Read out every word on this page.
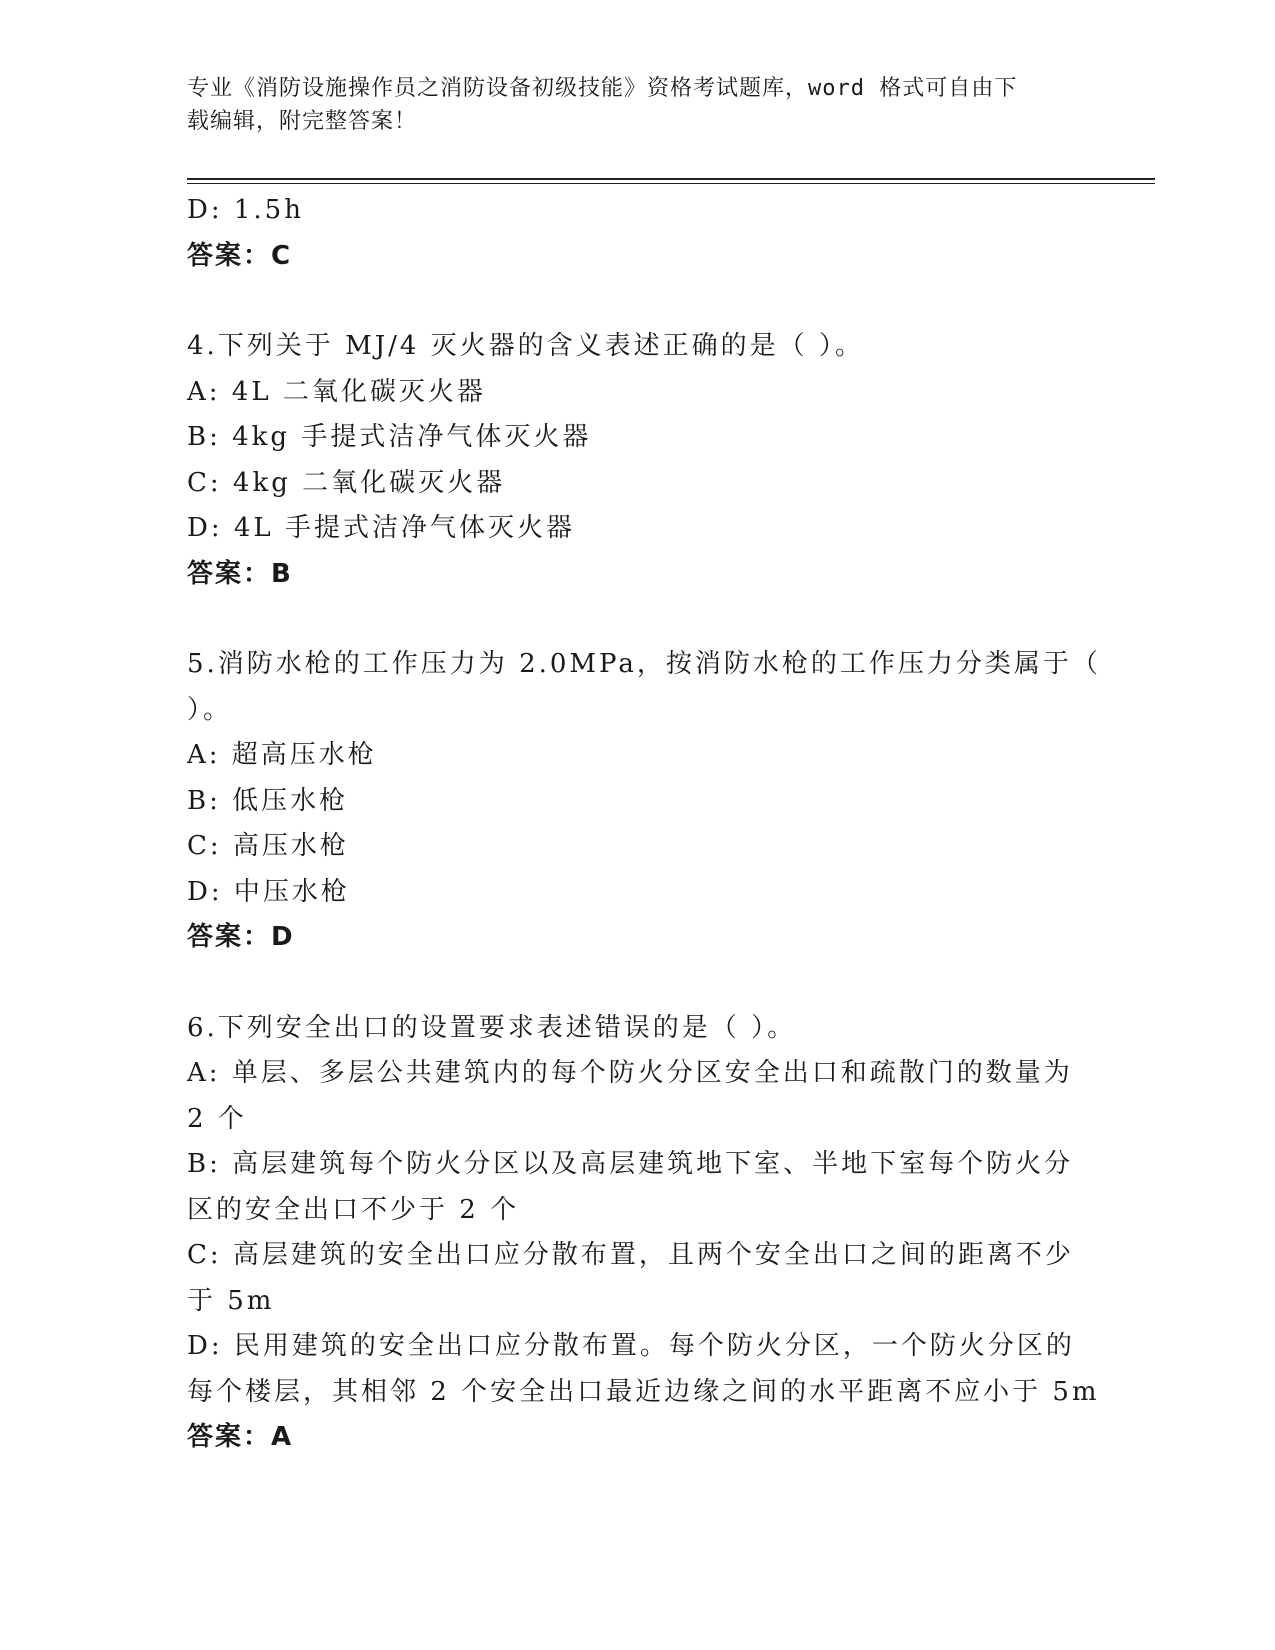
专业《消防设施操作员之消防设备初级技能》资格考试题库，word 格式可自由下
载编辑，附完整答案！
D: 1.5h
答案：C
4.下列关于 MJ/4 灭火器的含义表述正确的是（ ）。
A: 4L 二氧化碳灭火器
B: 4kg 手提式洁净气体灭火器
C: 4kg 二氧化碳灭火器
D: 4L 手提式洁净气体灭火器
答案：B
5.消防水枪的工作压力为 2.0MPa，按消防水枪的工作压力分类属于（
）。
A: 超高压水枪
B: 低压水枪
C: 高压水枪
D: 中压水枪
答案：D
6.下列安全出口的设置要求表述错误的是（ ）。
A: 单层、多层公共建筑内的每个防火分区安全出口和疏散门的数量为
2 个
B: 高层建筑每个防火分区以及高层建筑地下室、半地下室每个防火分
区的安全出口不少于 2 个
C: 高层建筑的安全出口应分散布置，且两个安全出口之间的距离不少
于 5m
D: 民用建筑的安全出口应分散布置。每个防火分区，一个防火分区的
每个楼层，其相邻 2 个安全出口最近边缘之间的水平距离不应小于 5m
答案：A
